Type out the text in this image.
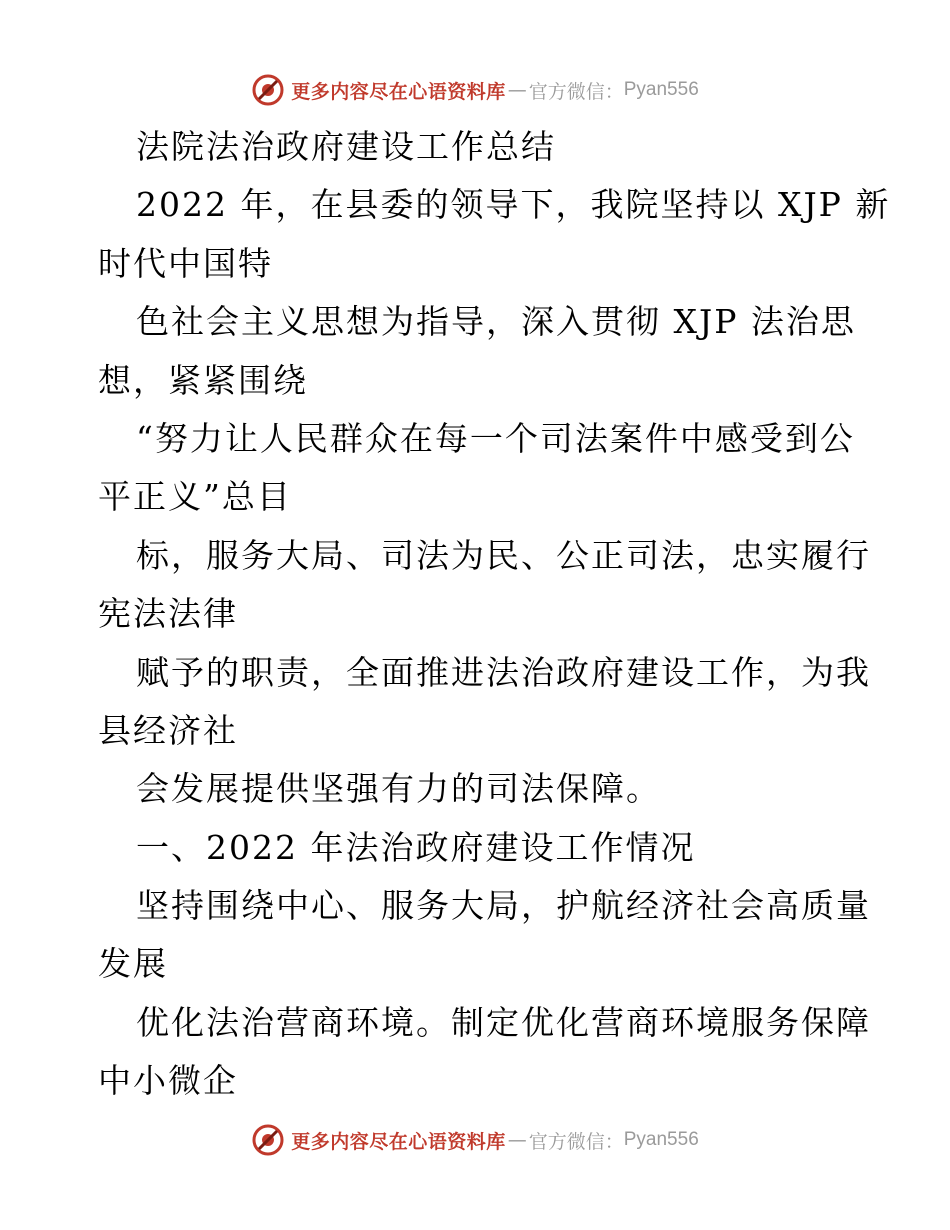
更多内容尽在心语资料库 — 官方微信： Pyan556
法院法治政府建设工作总结
2022 年，在县委的领导下，我院坚持以 XJP 新
时代中国特
色社会主义思想为指导，深入贯彻 XJP 法治思
想，紧紧围绕
“努力让人民群众在每一个司法案件中感受到公
平正义”总目
标，服务大局、司法为民、公正司法，忠实履行
宪法法律
赋予的职责，全面推进法治政府建设工作，为我
县经济社
会发展提供坚强有力的司法保障。
一、2022 年法治政府建设工作情况
坚持围绕中心、服务大局，护航经济社会高质量
发展
优化法治营商环境。制定优化营商环境服务保障
中小微企
更多内容尽在心语资料库 — 官方微信： Pyan556
